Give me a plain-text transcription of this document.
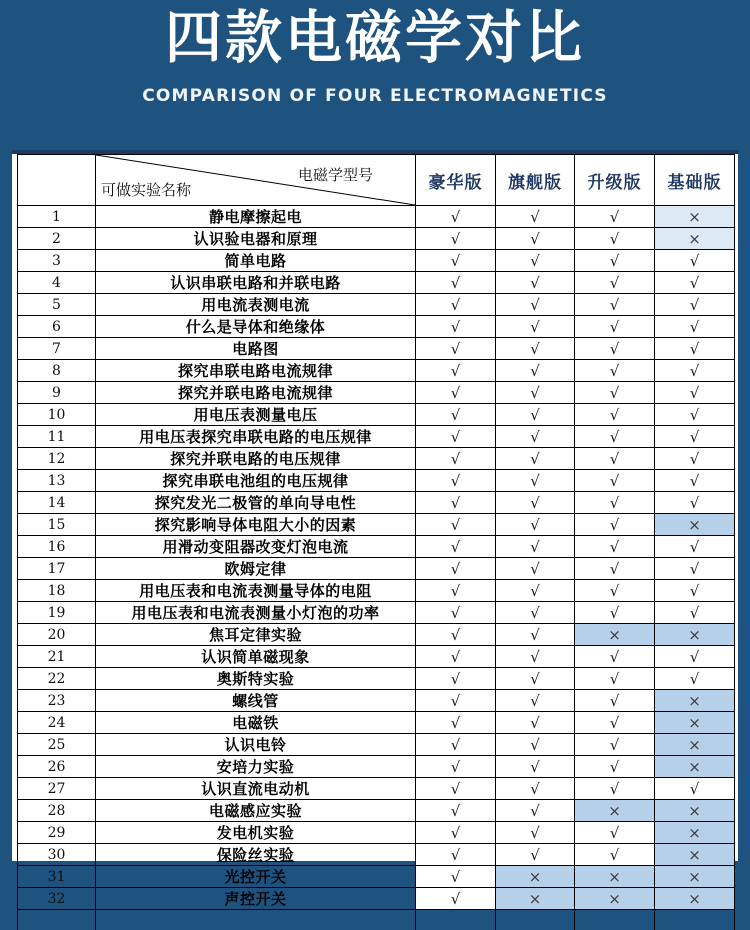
四款电磁学对比
COMPARISON OF FOUR ELECTROMAGNETICS

	电磁学型号
可做实验名称	豪华版	旗舰版	升级版	基础版
1	静电摩擦起电	√	√	√	×
2	认识验电器和原理	√	√	√	×
3	简单电路	√	√	√	√
4	认识串联电路和并联电路	√	√	√	√
5	用电流表测电流	√	√	√	√
6	什么是导体和绝缘体	√	√	√	√
7	电路图	√	√	√	√
8	探究串联电路电流规律	√	√	√	√
9	探究并联电路电流规律	√	√	√	√
10	用电压表测量电压	√	√	√	√
11	用电压表探究串联电路的电压规律	√	√	√	√
12	探究并联电路的电压规律	√	√	√	√
13	探究串联电池组的电压规律	√	√	√	√
14	探究发光二极管的单向导电性	√	√	√	√
15	探究影响导体电阻大小的因素	√	√	√	×
16	用滑动变阻器改变灯泡电流	√	√	√	√
17	欧姆定律	√	√	√	√
18	用电压表和电流表测量导体的电阻	√	√	√	√
19	用电压表和电流表测量小灯泡的功率	√	√	√	√
20	焦耳定律实验	√	√	×	×
21	认识简单磁现象	√	√	√	√
22	奥斯特实验	√	√	√	√
23	螺线管	√	√	√	×
24	电磁铁	√	√	√	×
25	认识电铃	√	√	√	×
26	安培力实验	√	√	√	×
27	认识直流电动机	√	√	√	√
28	电磁感应实验	√	√	×	×
29	发电机实验	√	√	√	×
30	保险丝实验	√	√	√	×
31	光控开关	√	×	×	×
32	声控开关	√	×	×	×
